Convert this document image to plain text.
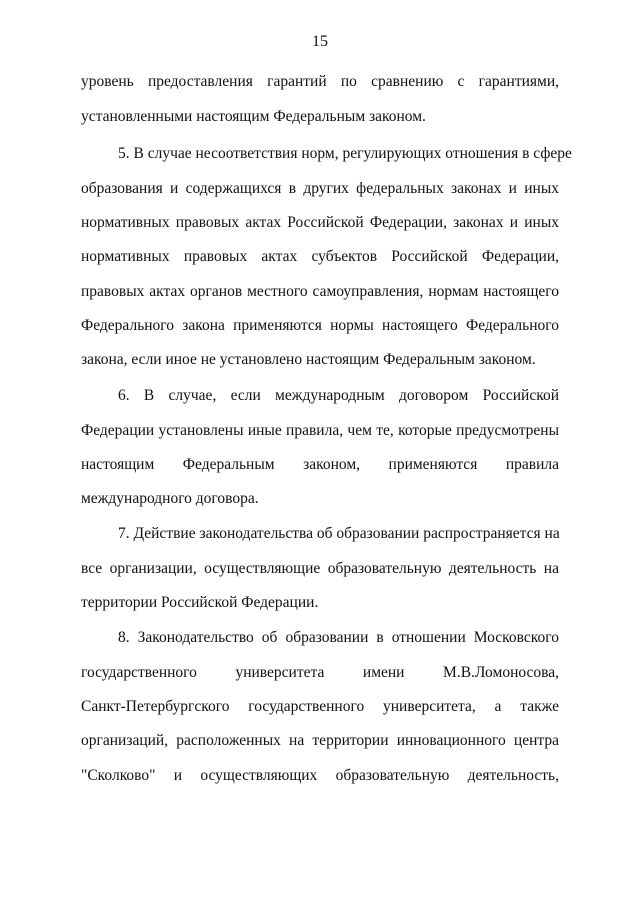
15
уровень предоставления гарантий по сравнению с гарантиями,
установленными настоящим Федеральным законом.
5. В случае несоответствия норм, регулирующих отношения в сфере
образования и содержащихся в других федеральных законах и иных
нормативных правовых актах Российской Федерации, законах и иных
нормативных правовых актах субъектов Российской Федерации,
правовых актах органов местного самоуправления, нормам настоящего
Федерального закона применяются нормы настоящего Федерального
закона, если иное не установлено настоящим Федеральным законом.
6. В случае, если международным договором Российской
Федерации установлены иные правила, чем те, которые предусмотрены
настоящим Федеральным законом, применяются правила
международного договора.
7. Действие законодательства об образовании распространяется на
все организации, осуществляющие образовательную деятельность на
территории Российской Федерации.
8. Законодательство об образовании в отношении Московского
государственного университета имени М.В.Ломоносова,
Санкт-Петербургского государственного университета, а также
организаций, расположенных на территории инновационного центра
"Сколково" и осуществляющих образовательную деятельность,
